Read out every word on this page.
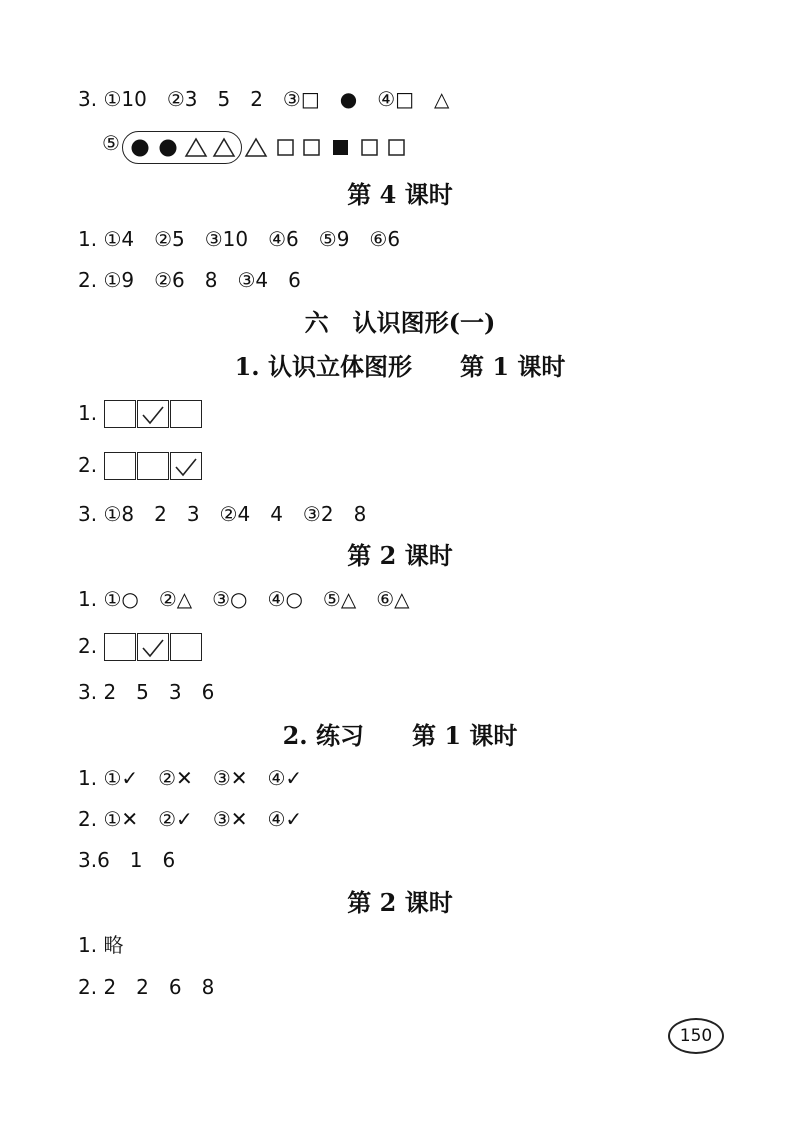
3. ①10　②3　5　2　③□　●　④□　△
⑤
第 4 课时
1. ①4　②5　③10　④6　⑤9　⑥6
2. ①9　②6　8　③4　6
六　认识图形(一)
1. 认识立体图形　　第 1 课时
1.
2.
3. ①8　2　3　②4　4　③2　8
第 2 课时
1. ①○　②△　③○　④○　⑤△　⑥△
2.
3. 2　5　3　6
2. 练习　　第 1 课时
1. ①✓　②✕　③✕　④✓
2. ①✕　②✓　③✕　④✓
3.6　1　6
第 2 课时
1. 略
2. 2　2　6　8
150
